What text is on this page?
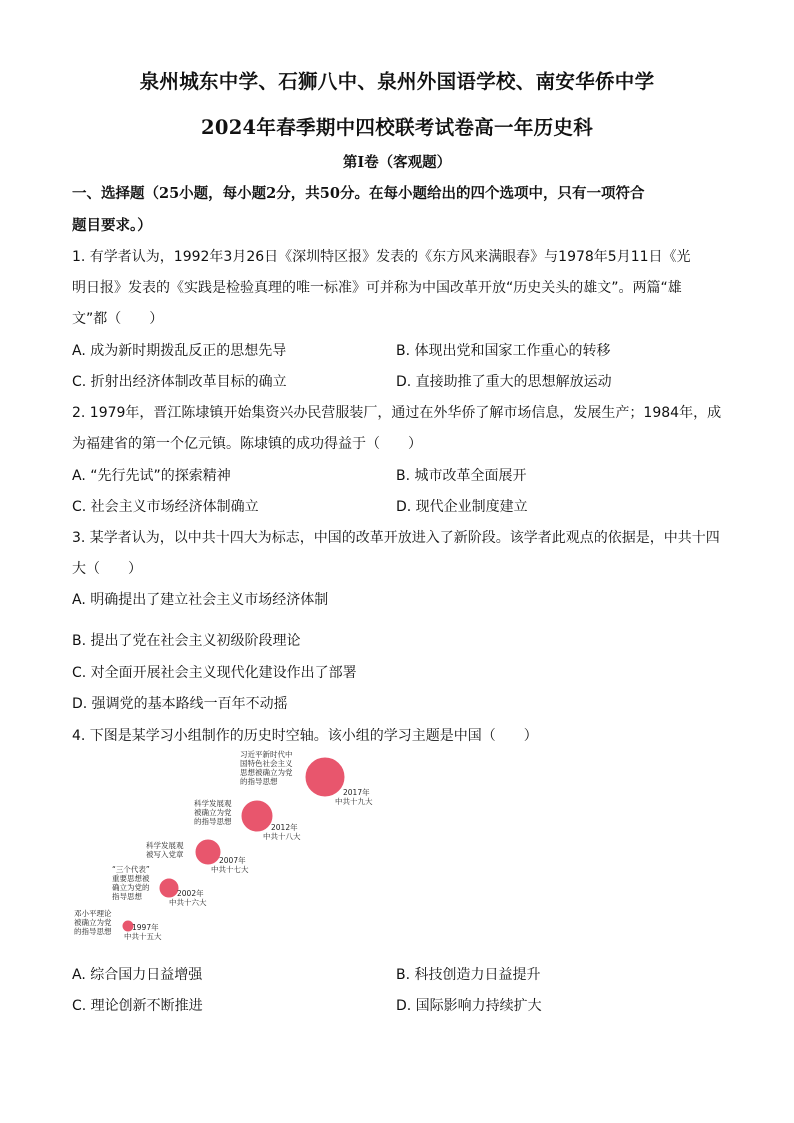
泉州城东中学、石狮八中、泉州外国语学校、南安华侨中学
2024年春季期中四校联考试卷高一年历史科
第Ⅰ卷（客观题）
一、选择题（25小题，每小题2分，共50分。在每小题给出的四个选项中，只有一项符合
题目要求。）
1. 有学者认为，1992年3月26日《深圳特区报》发表的《东方风来满眼春》与1978年5月11日《光
明日报》发表的《实践是检验真理的唯一标准》可并称为中国改革开放“历史关头的雄文”。两篇“雄
文”都（　　）
A. 成为新时期拨乱反正的思想先导	B. 体现出党和国家工作重心的转移
C. 折射出经济体制改革目标的确立	D. 直接助推了重大的思想解放运动
2. 1979年，晋江陈埭镇开始集资兴办民营服装厂，通过在外华侨了解市场信息，发展生产；1984年，成
为福建省的第一个亿元镇。陈埭镇的成功得益于（　　）
A. “先行先试”的探索精神	B. 城市改革全面展开
C. 社会主义市场经济体制确立	D. 现代企业制度建立
3. 某学者认为，以中共十四大为标志，中国的改革开放进入了新阶段。该学者此观点的依据是，中共十四
大（　　）
A. 明确提出了建立社会主义市场经济体制
B. 提出了党在社会主义初级阶段理论
C. 对全面开展社会主义现代化建设作出了部署
D. 强调党的基本路线一百年不动摇
4. 下图是某学习小组制作的历史时空轴。该小组的学习主题是中国（　　）
邓小平理论
被确立为党
的指导思想	1997年
中共十五大
“三个代表”
重要思想被
确立为党的
指导思想	2002年
中共十六大
科学发展观
被写入党章
2007年
中共十七大
科学发展观
被确立为党
的指导思想
2012年
中共十八大
习近平新时代中
国特色社会主义
思想被确立为党
的指导思想
2017年
中共十九大
A. 综合国力日益增强	B. 科技创造力日益提升
C. 理论创新不断推进	D. 国际影响力持续扩大
